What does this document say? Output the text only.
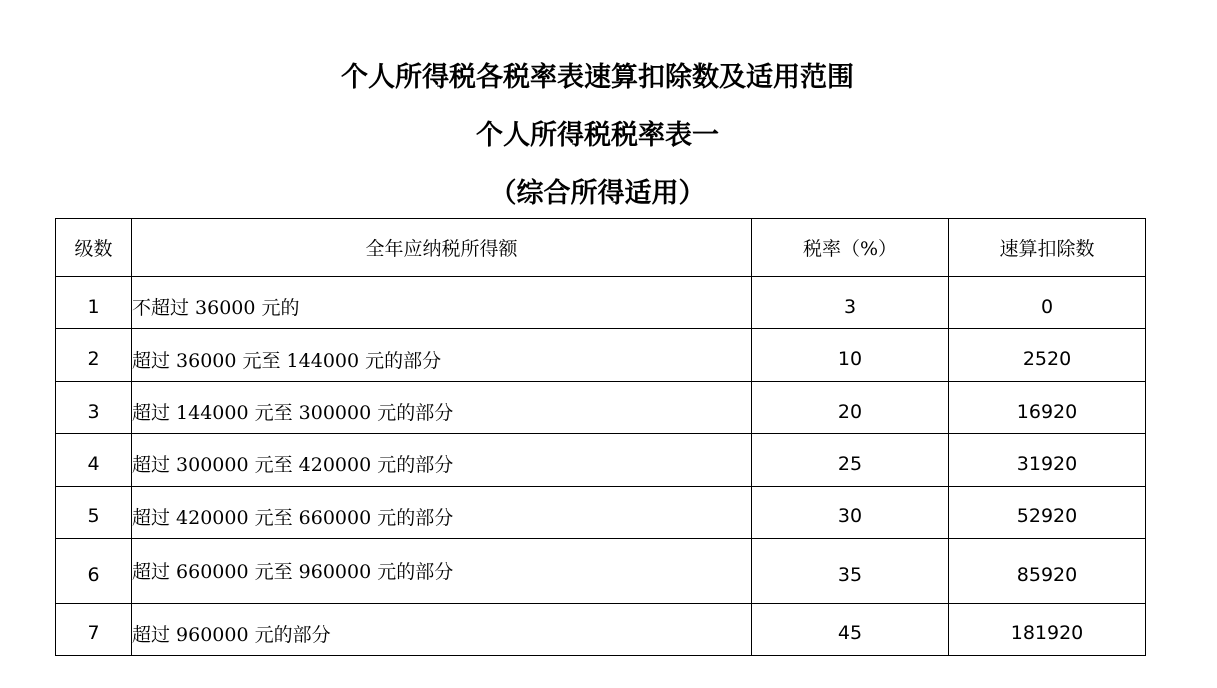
个人所得税各税率表速算扣除数及适用范围
个人所得税税率表一
（综合所得适用）
级数	全年应纳税所得额	税率（%）	速算扣除数
1	不超过 36000 元的	3	0
2	超过 36000 元至 144000 元的部分	10	2520
3	超过 144000 元至 300000 元的部分	20	16920
4	超过 300000 元至 420000 元的部分	25	31920
5	超过 420000 元至 660000 元的部分	30	52920
6	超过 660000 元至 960000 元的部分	35	85920
7	超过 960000 元的部分	45	181920
